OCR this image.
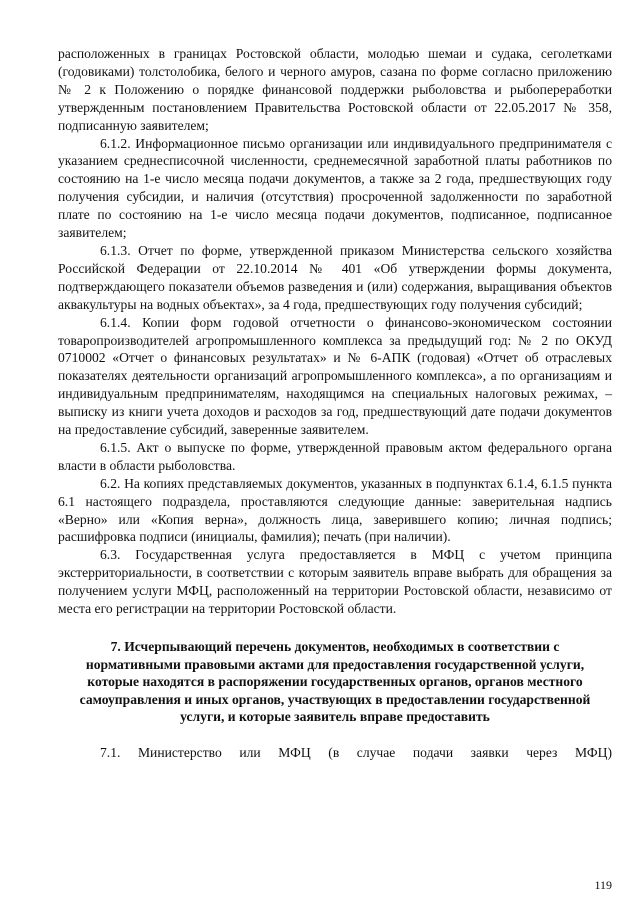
расположенных в границах Ростовской области, молодью шемаи и судака, сеголетками (годовиками) толстолобика, белого и черного амуров, сазана по форме согласно приложению № 2 к Положению о порядке финансовой поддержки рыболовства и рыбопереработки утвержденным постановлением Правительства Ростовской области от 22.05.2017 № 358, подписанную заявителем;

6.1.2. Информационное письмо организации или индивидуального предпринимателя с указанием среднесписочной численности, среднемесячной заработной платы работников по состоянию на 1-е число месяца подачи документов, а также за 2 года, предшествующих году получения субсидии, и наличия (отсутствия) просроченной задолженности по заработной плате по состоянию на 1-е число месяца подачи документов, подписанное, подписанное заявителем;

6.1.3. Отчет по форме, утвержденной приказом Министерства сельского хозяйства Российской Федерации от 22.10.2014 № 401 «Об утверждении формы документа, подтверждающего показатели объемов разведения и (или) содержания, выращивания объектов аквакультуры на водных объектах», за 4 года, предшествующих году получения субсидий;

6.1.4. Копии форм годовой отчетности о финансово-экономическом состоянии товаропроизводителей агропромышленного комплекса за предыдущий год: № 2 по ОКУД 0710002 «Отчет о финансовых результатах» и № 6-АПК (годовая) «Отчет об отраслевых показателях деятельности организаций агропромышленного комплекса», а по организациям и индивидуальным предпринимателям, находящимся на специальных налоговых режимах, – выписку из книги учета доходов и расходов за год, предшествующий дате подачи документов на предоставление субсидий, заверенные заявителем.

6.1.5. Акт о выпуске по форме, утвержденной правовым актом федерального органа власти в области рыболовства.

6.2. На копиях представляемых документов, указанных в подпунктах 6.1.4, 6.1.5 пункта 6.1 настоящего подраздела, проставляются следующие данные: заверительная надпись «Верно» или «Копия верна», должность лица, заверившего копию; личная подпись; расшифровка подписи (инициалы, фамилия); печать (при наличии).

6.3. Государственная услуга предоставляется в МФЦ с учетом принципа экстерриториальности, в соответствии с которым заявитель вправе выбрать для обращения за получением услуги МФЦ, расположенный на территории Ростовской области, независимо от места его регистрации на территории Ростовской области.

7. Исчерпывающий перечень документов, необходимых в соответствии с нормативными правовыми актами для предоставления государственной услуги, которые находятся в распоряжении государственных органов, органов местного самоуправления и иных органов, участвующих в предоставлении государственной услуги, и которые заявитель вправе предоставить

7.1. Министерство или МФЦ (в случае подачи заявки через МФЦ)

119
